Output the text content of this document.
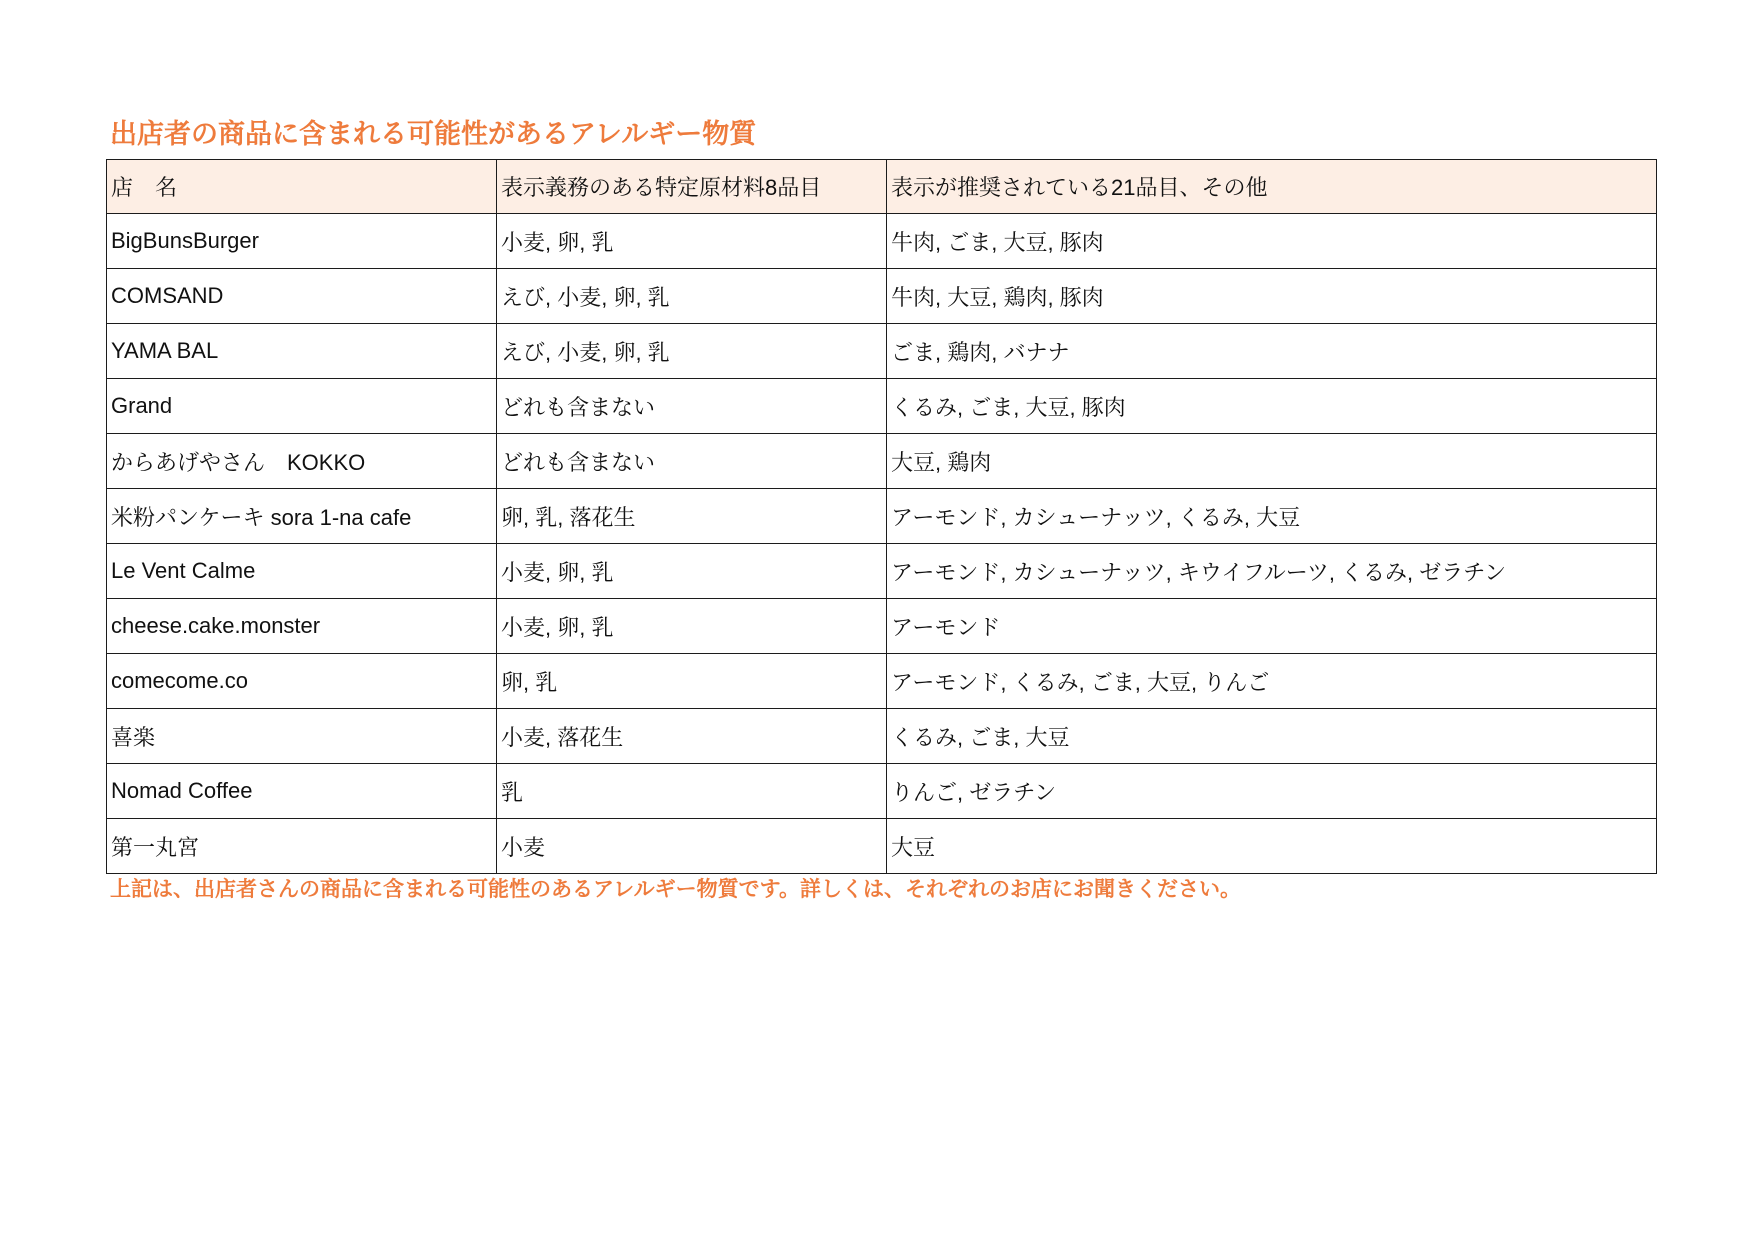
出店者の商品に含まれる可能性があるアレルギー物質
店　名	表示義務のある特定原材料8品目	表示が推奨されている21品目、その他
BigBunsBurger	小麦, 卵, 乳	牛肉, ごま, 大豆, 豚肉
COMSAND	えび, 小麦, 卵, 乳	牛肉, 大豆, 鶏肉, 豚肉
YAMA BAL	えび, 小麦, 卵, 乳	ごま, 鶏肉, バナナ
Grand	どれも含まない	くるみ, ごま, 大豆, 豚肉
からあげやさん　KOKKO	どれも含まない	大豆, 鶏肉
米粉パンケーキ sora 1-na cafe	卵, 乳, 落花生	アーモンド, カシューナッツ, くるみ, 大豆
Le Vent Calme	小麦, 卵, 乳	アーモンド, カシューナッツ, キウイフルーツ, くるみ, ゼラチン
cheese.cake.monster	小麦, 卵, 乳	アーモンド
comecome.co	卵, 乳	アーモンド, くるみ, ごま, 大豆, りんご
喜楽	小麦, 落花生	くるみ, ごま, 大豆
Nomad Coffee	乳	りんご, ゼラチン
第一丸宮	小麦	大豆
上記は、出店者さんの商品に含まれる可能性のあるアレルギー物質です。詳しくは、それぞれのお店にお聞きください。
